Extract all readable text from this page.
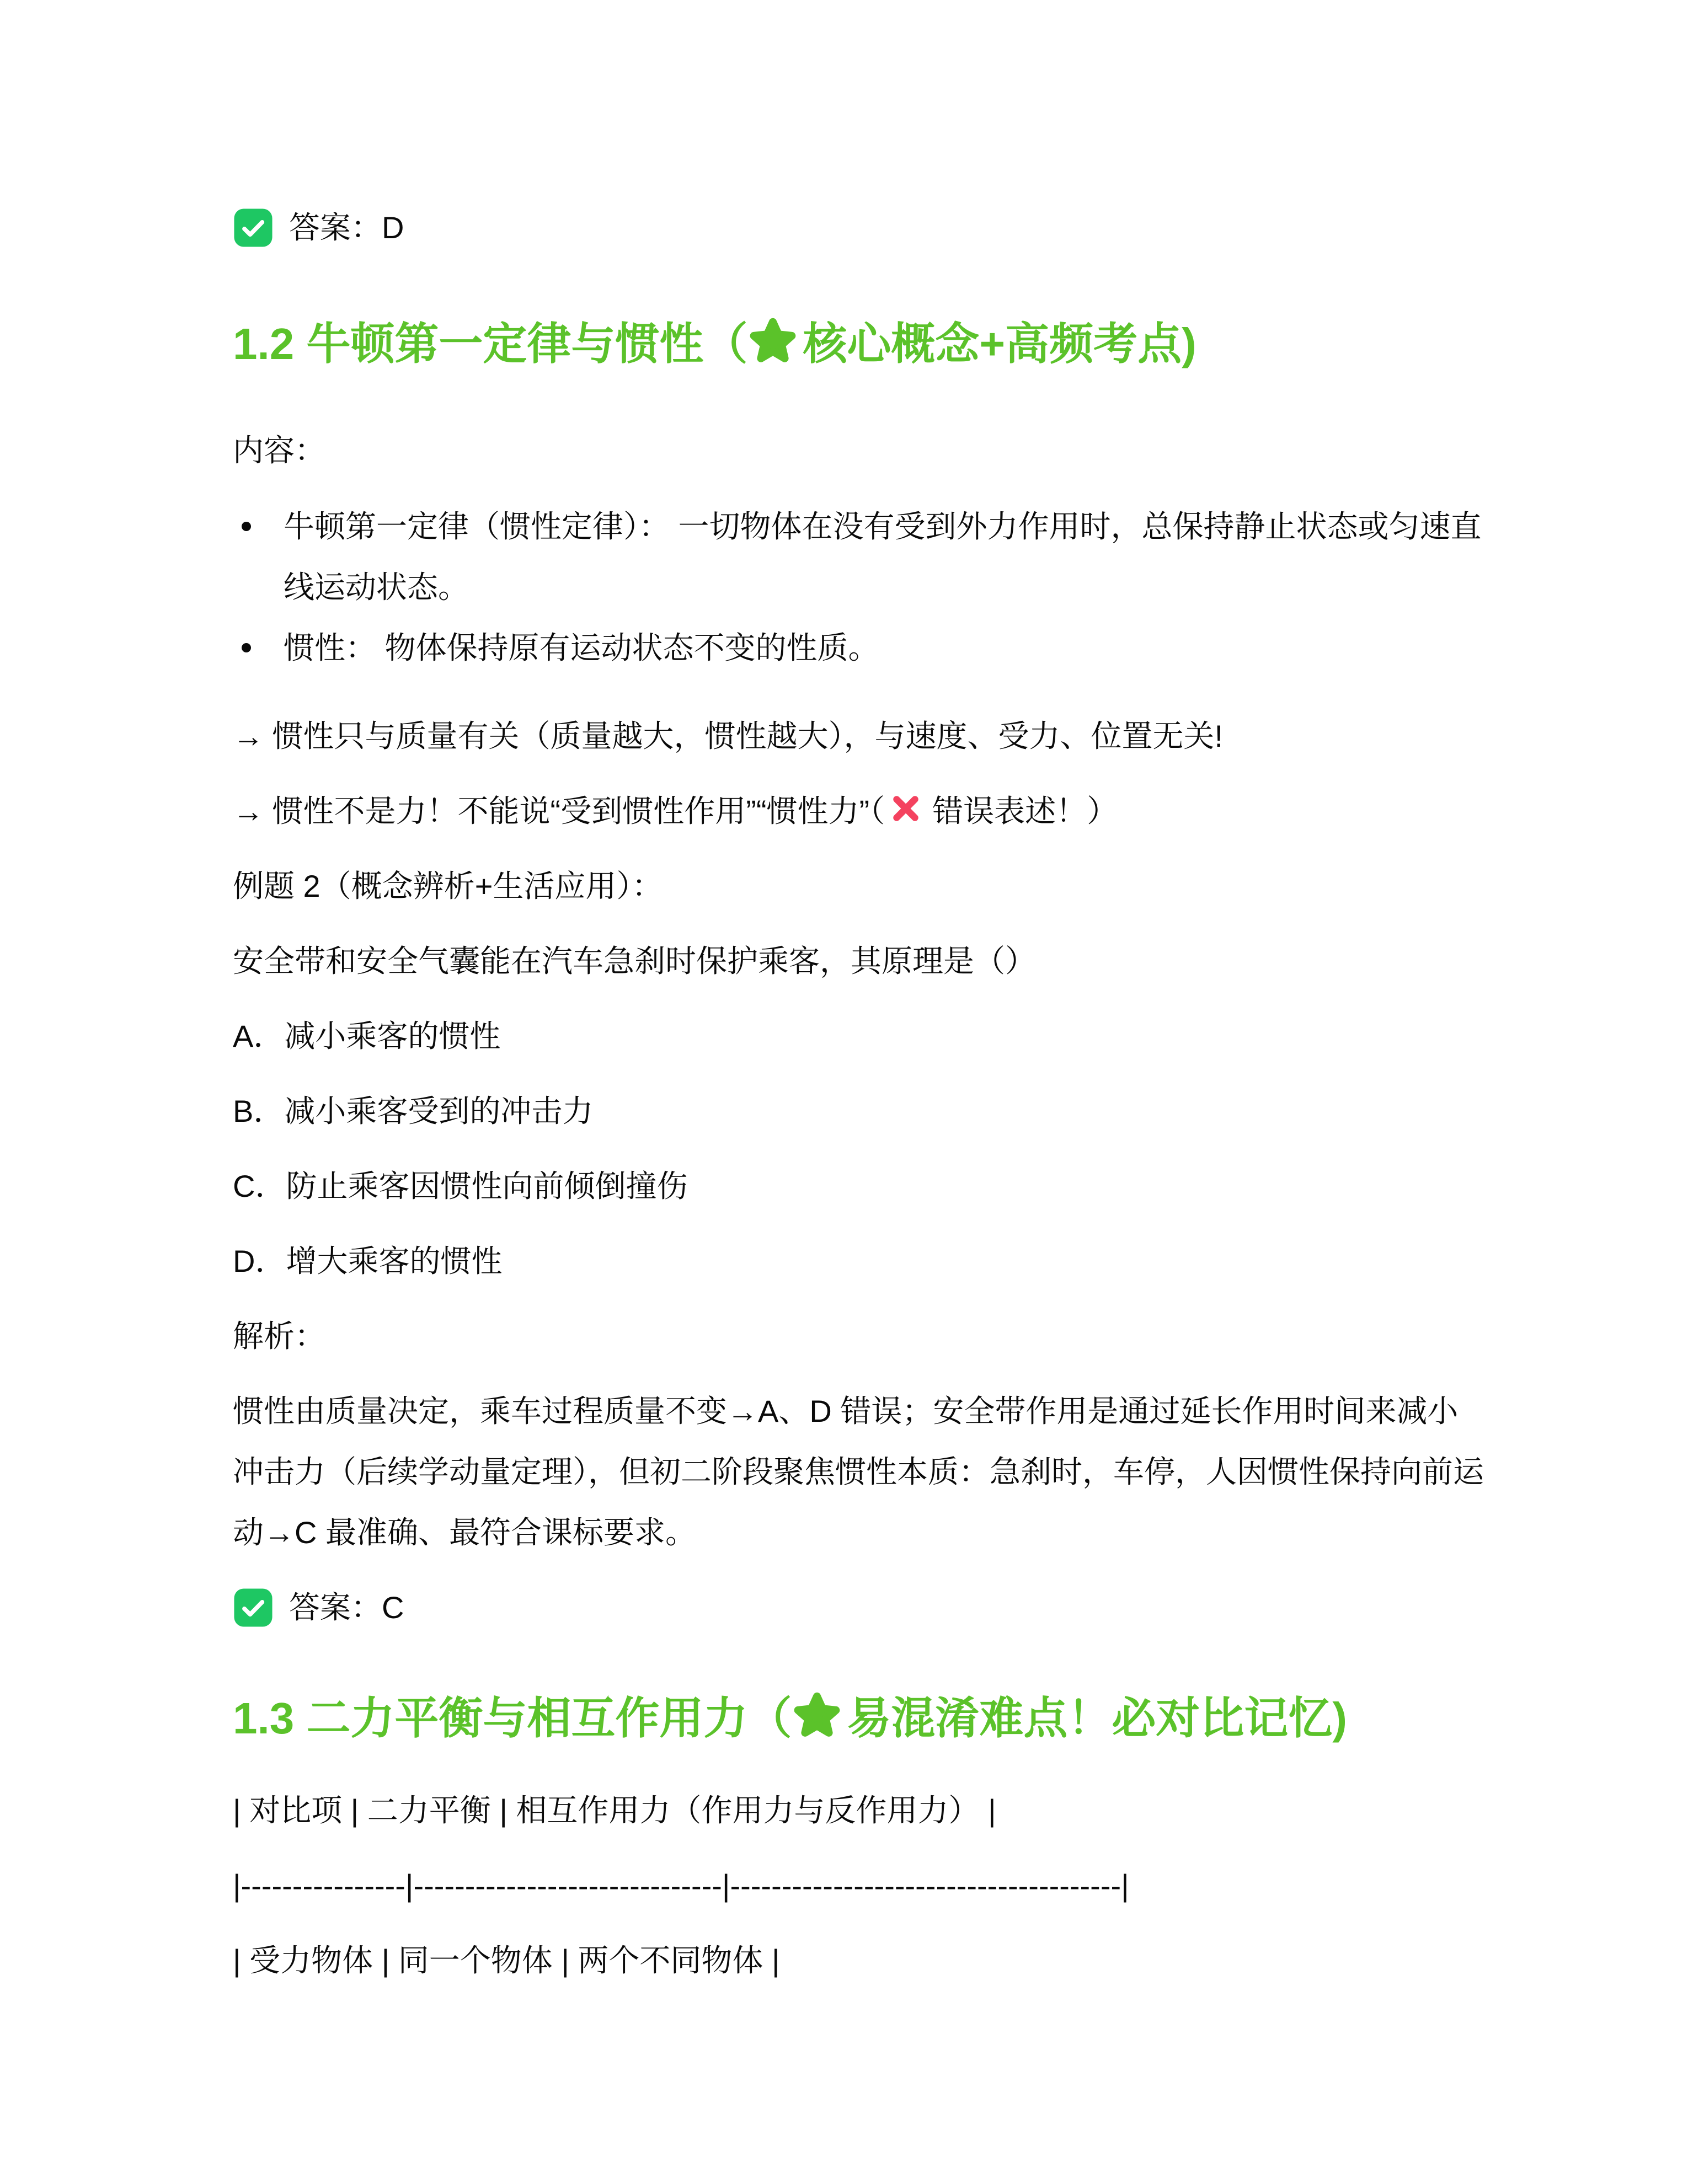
答案：D
1.2 牛顿第一定律与惯性（ 核心概念+高频考点)

内容：

牛顿第一定律（惯性定律）： 一切物体在没有受到外力作用时，总保持静止状态或匀速直线运动状态。
惯性： 物体保持原有运动状态不变的性质。

→ 惯性只与质量有关（质量越大，惯性越大），与速度、受力、位置无关!

→ 惯性不是力！不能说“受到惯性作用”“惯性力”（ 错误表述！）

例题 2（概念辨析+生活应用）：

安全带和安全气囊能在汽车急刹时保护乘客，其原理是（）

A．减小乘客的惯性

B．减小乘客受到的冲击力

C．防止乘客因惯性向前倾倒撞伤

D．增大乘客的惯性

解析：

惯性由质量决定，乘车过程质量不变→A、D 错误；安全带作用是通过延长作用时间来减小冲击力（后续学动量定理），但初二阶段聚焦惯性本质：急刹时，车停，人因惯性保持向前运动→C 最准确、最符合课标要求。

答案：C
1.3 二力平衡与相互作用力（ 易混淆难点！必对比记忆)

| 对比项 | 二力平衡 | 相互作用力（作用力与反作用力） |

|----------------|------------------------------|--------------------------------------|

| 受力物体 | 同一个物体 | 两个不同物体 |
